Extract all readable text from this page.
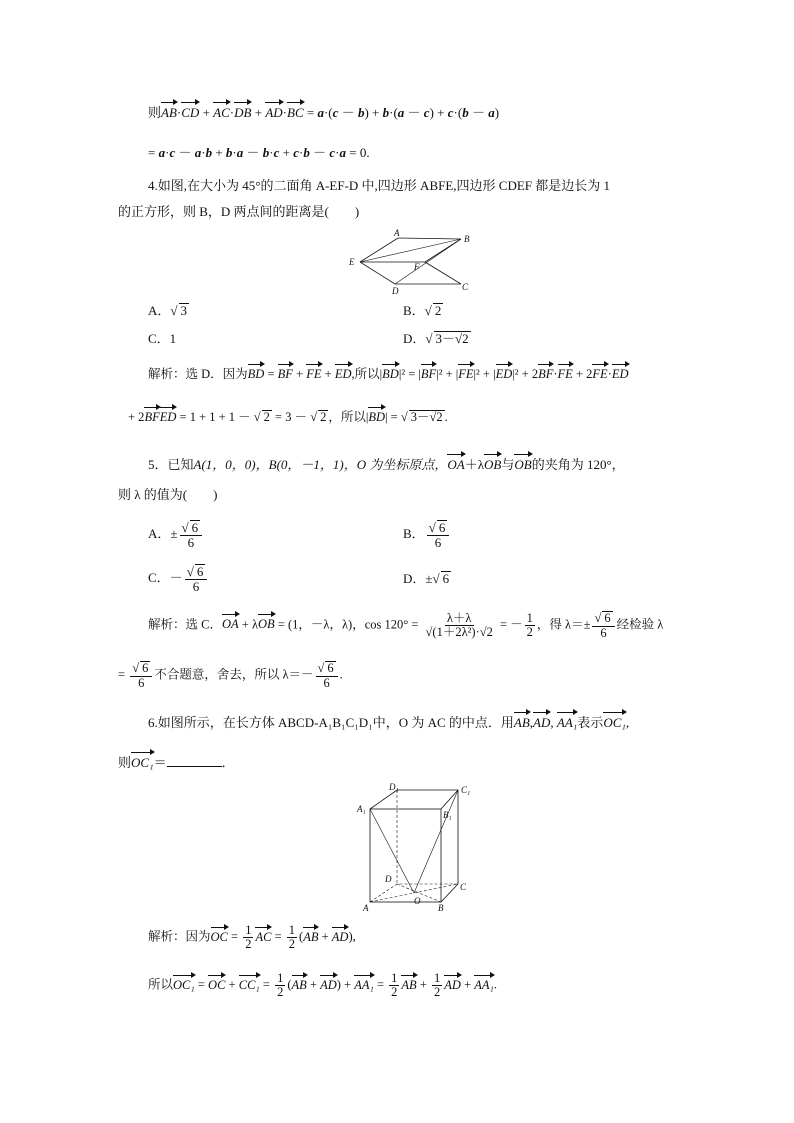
则AB·CD + AC·DB + AD·BC = a·(c － b) + b·(a － c) + c·(b － a)
= a·c － a·b + b·a － b·c + c·b － c·a = 0.
4.如图,在大小为 45°的二面角 A-EF-D 中,四边形 ABFE,四边形 CDEF 都是边长为 1
的正方形，则 B，D 两点间的距离是(　　)
A
B
E	F
D	C
A．√ 3	B．√ 2
C．1	D．√ 3－√2
解析：选 D．因为BD = BF + FE + ED,所以|BD|² = |BF|² + |FE|² + |ED|² + 2BF·FE + 2FE·ED
+ 2BFED = 1 + 1 + 1 － √ 2 = 3 － √ 2 ，所以|BD| = √ 3－√2 .
5．已知A(1，0，0)，B(0，－1，1)，O 为坐标原点，OA＋λOB与OB的夹角为 120°，
则 λ 的值为(　　)
A．± $\frac{√ 6}{6}$	B． $\frac{√ 6}{6}$
C．－ $\frac{√ 6}{6}$	D．±√ 6
解析：选 C．OA + λOB = (1，－λ，λ)，$\cos 120^\circ = \frac{\lambda+\lambda}{\text{√(1＋2λ²)·√2}}$ = － $\frac{1}{2}$ ，得 $\lambda=\pm \frac{√ 6}{6}$ 经检验 λ
= $\frac{√ 6}{6}$ 不合题意，舍去，所以 $\lambda=- \frac{√ 6}{6}$ .
6.如图所示，在长方体 ABCD-A₁B₁C₁D₁中，O 为 AC 的中点．用AB,AD, AA₁表示OC₁,
则OC₁＝	．
D₁	C₁
A₁
B₁
D
C
A	B
O
解析：因为OC = $\frac{1}{2}$ AC = $\frac{1}{2} (AB + AD)$,
所以OC₁ = OC + $CC_1 = \frac{1}{2} (AB + AD) + AA_1 = \frac{1}{2}$ AB + $\frac{1}{2}$ AD + AA₁.
